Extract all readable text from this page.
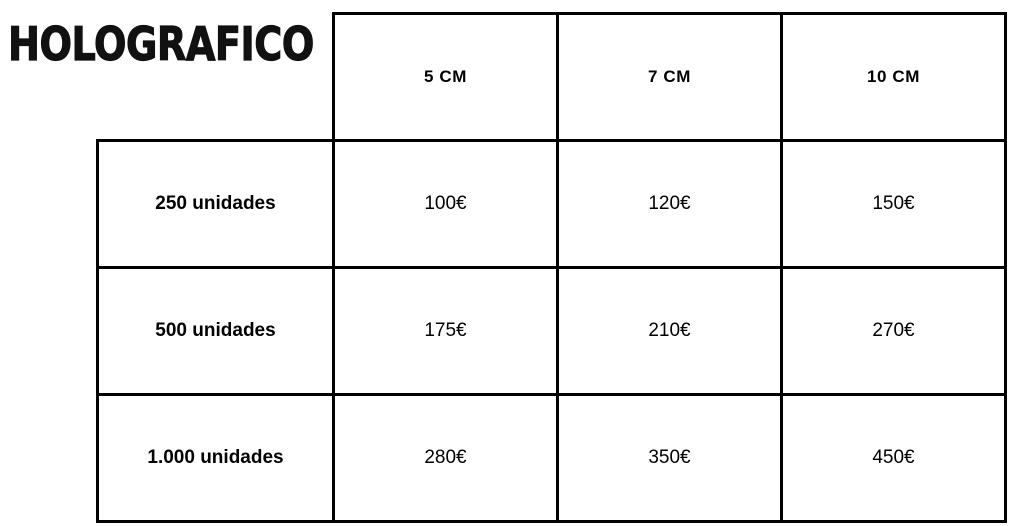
HOLOGRAFICO
	5 CM	7 CM	10 CM
250 unidades	100€	120€	150€
500 unidades	175€	210€	270€
1.000 unidades	280€	350€	450€
